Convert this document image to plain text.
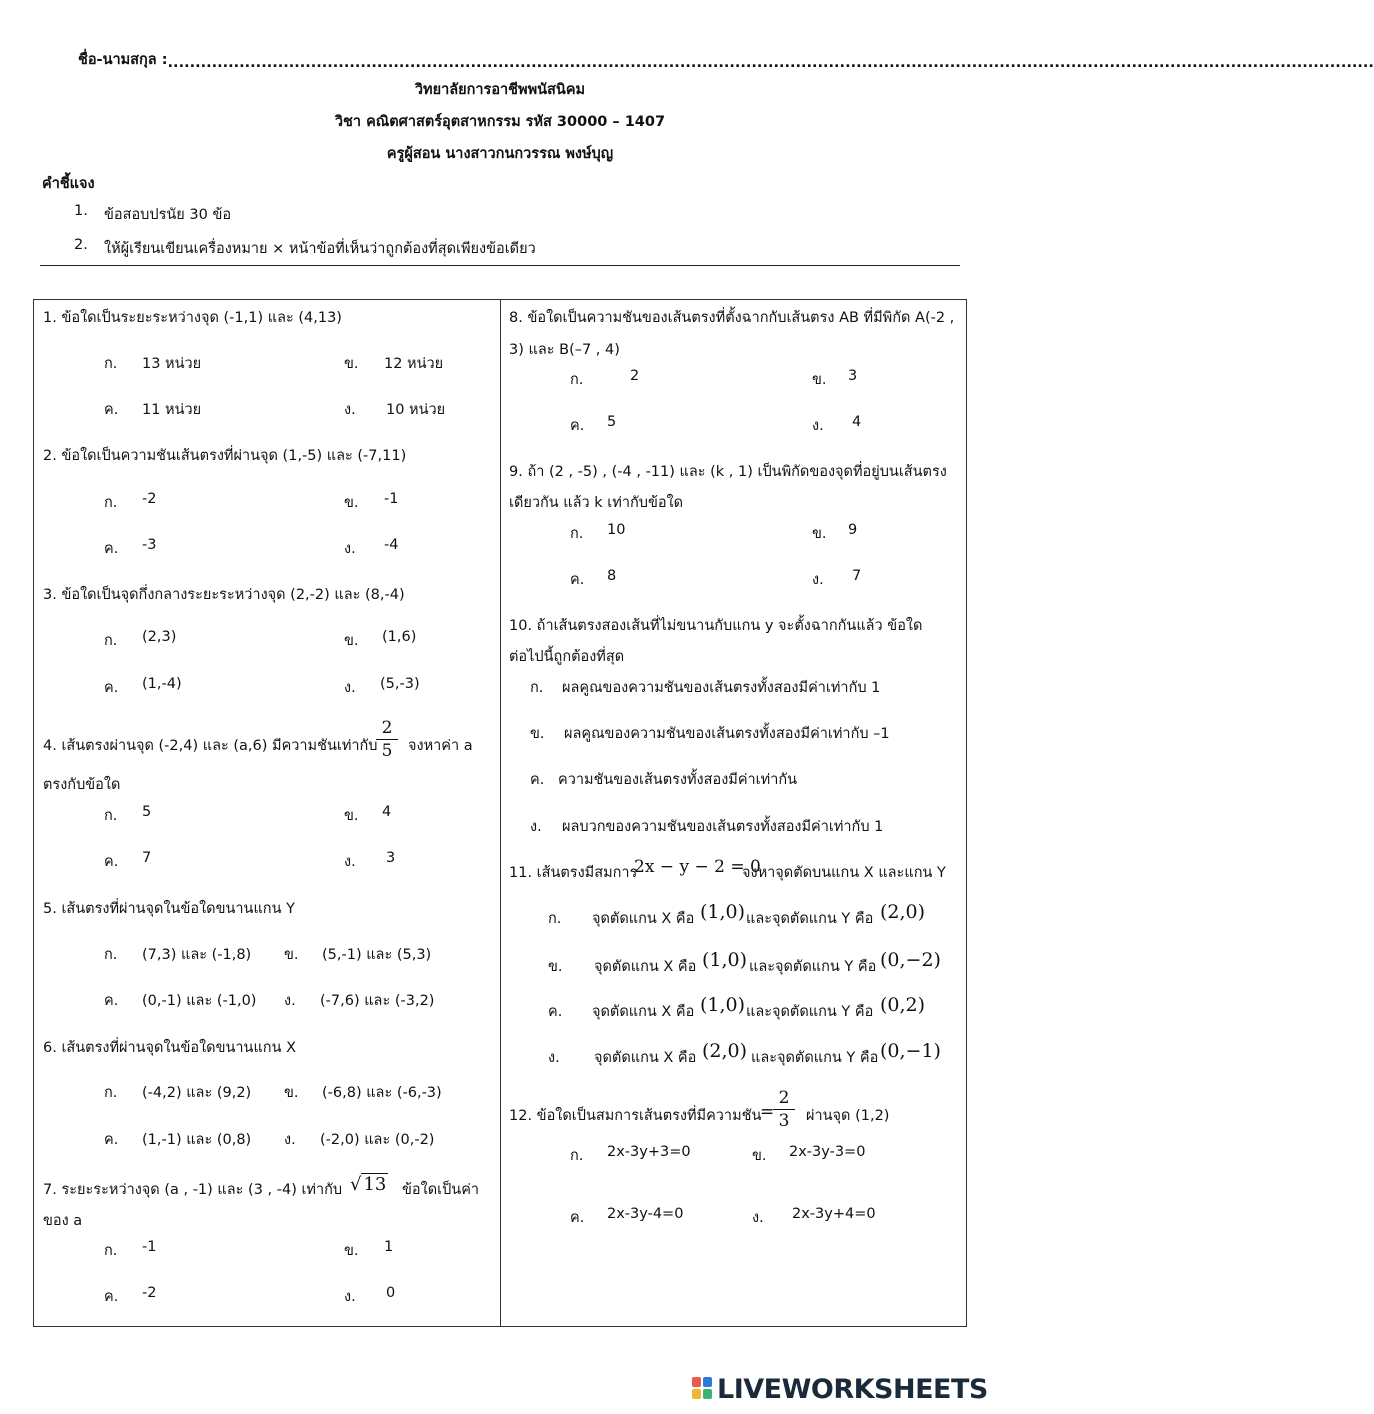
ชื่อ-นามสกุล :...........................................................................................................................................................................................................................
วิทยาลัยการอาชีพพนัสนิคม
วิชา คณิตศาสตร์อุตสาหกรรม รหัส 30000 – 1407
ครูผู้สอน นางสาวกนกวรรณ พงษ์บุญ
คำชี้แจง
1. ข้อสอบปรนัย 30 ข้อ
2. ให้ผู้เรียนเขียนเครื่องหมาย × หน้าข้อที่เห็นว่าถูกต้องที่สุดเพียงข้อเดียว
1. ข้อใดเป็นระยะระหว่างจุด (-1,1) และ (4,13)
ก. 13 หน่วย	ข. 12 หน่วย
ค. 11 หน่วย	ง. 10 หน่วย
2. ข้อใดเป็นความชันเส้นตรงที่ผ่านจุด (1,-5) และ (-7,11)
ก. -2	ข. -1
ค. -3	ง. -4
3. ข้อใดเป็นจุดกึ่งกลางระยะระหว่างจุด (2,-2) และ (8,-4)
ก. (2,3)	ข. (1,6)
ค. (1,-4)	ง. (5,-3)
4. เส้นตรงผ่านจุด (-2,4) และ (a,6) มีความชันเท่ากับ
2
5	จงหาค่า a
ตรงกับข้อใด
ก. 5	ข. 4
ค. 7	ง. 3
5. เส้นตรงที่ผ่านจุดในข้อใดขนานแกน Y
ก. (7,3) และ (-1,8) ข. (5,-1) และ (5,3)
ค. (0,-1) และ (-1,0) ง. (-7,6) และ (-3,2)
6. เส้นตรงที่ผ่านจุดในข้อใดขนานแกน X
ก. (-4,2) และ (9,2) ข. (-6,8) และ (-6,-3)
ค. (1,-1) และ (0,8) ง. (-2,0) และ (0,-2)
7. ระยะระหว่างจุด (a , -1) และ (3 , -4) เท่ากับ √ 13 ข้อใดเป็นค่า
ของ a
ก. -1	ข. 1
ค. -2	ง. 0
8. ข้อใดเป็นความชันของเส้นตรงที่ตั้งฉากกับเส้นตรง AB ที่มีพิกัด A(-2 ,
3) และ B(–7 , 4)
ก.	2	ข. 3
ค. 5	ง. 4
9. ถ้า (2 , -5) , (-4 , -11) และ (k , 1) เป็นพิกัดของจุดที่อยู่บนเส้นตรง
เดียวกัน แล้ว k เท่ากับข้อใด
ก. 10	ข. 9
ค. 8	ง. 7
10. ถ้าเส้นตรงสองเส้นที่ไม่ขนานกับแกน y จะตั้งฉากกันแล้ว ข้อใด
ต่อไปนี้ถูกต้องที่สุด
ก. ผลคูณของความชันของเส้นตรงทั้งสองมีค่าเท่ากับ 1
ข. ผลคูณของความชันของเส้นตรงทั้งสองมีค่าเท่ากับ –1
ค. ความชันของเส้นตรงทั้งสองมีค่าเท่ากัน
ง. ผลบวกของความชันของเส้นตรงทั้งสองมีค่าเท่ากับ 1
11. เส้นตรงมีสมการ
2x − y − 2 = 0
จงหาจุดตัดบนแกน X และแกน Y
ก. จุดตัดแกน X คือ (1,0) และจุดตัดแกน Y คือ (2,0)
ข. จุดตัดแกน X คือ (1,0) และจุดตัดแกน Y คือ (0,−2)
ค. จุดตัดแกน X คือ (1,0) และจุดตัดแกน Y คือ (0,2)
ง. จุดตัดแกน X คือ (2,0) และจุดตัดแกน Y คือ (0,−1)
12. ข้อใดเป็นสมการเส้นตรงที่มีความชัน
=
2
3	ผ่านจุด (1,2)
ก. 2x-3y+3=0	ข. 2x-3y-3=0
ค. 2x-3y-4=0	ง. 2x-3y+4=0
LIVEWORKSHEETS
